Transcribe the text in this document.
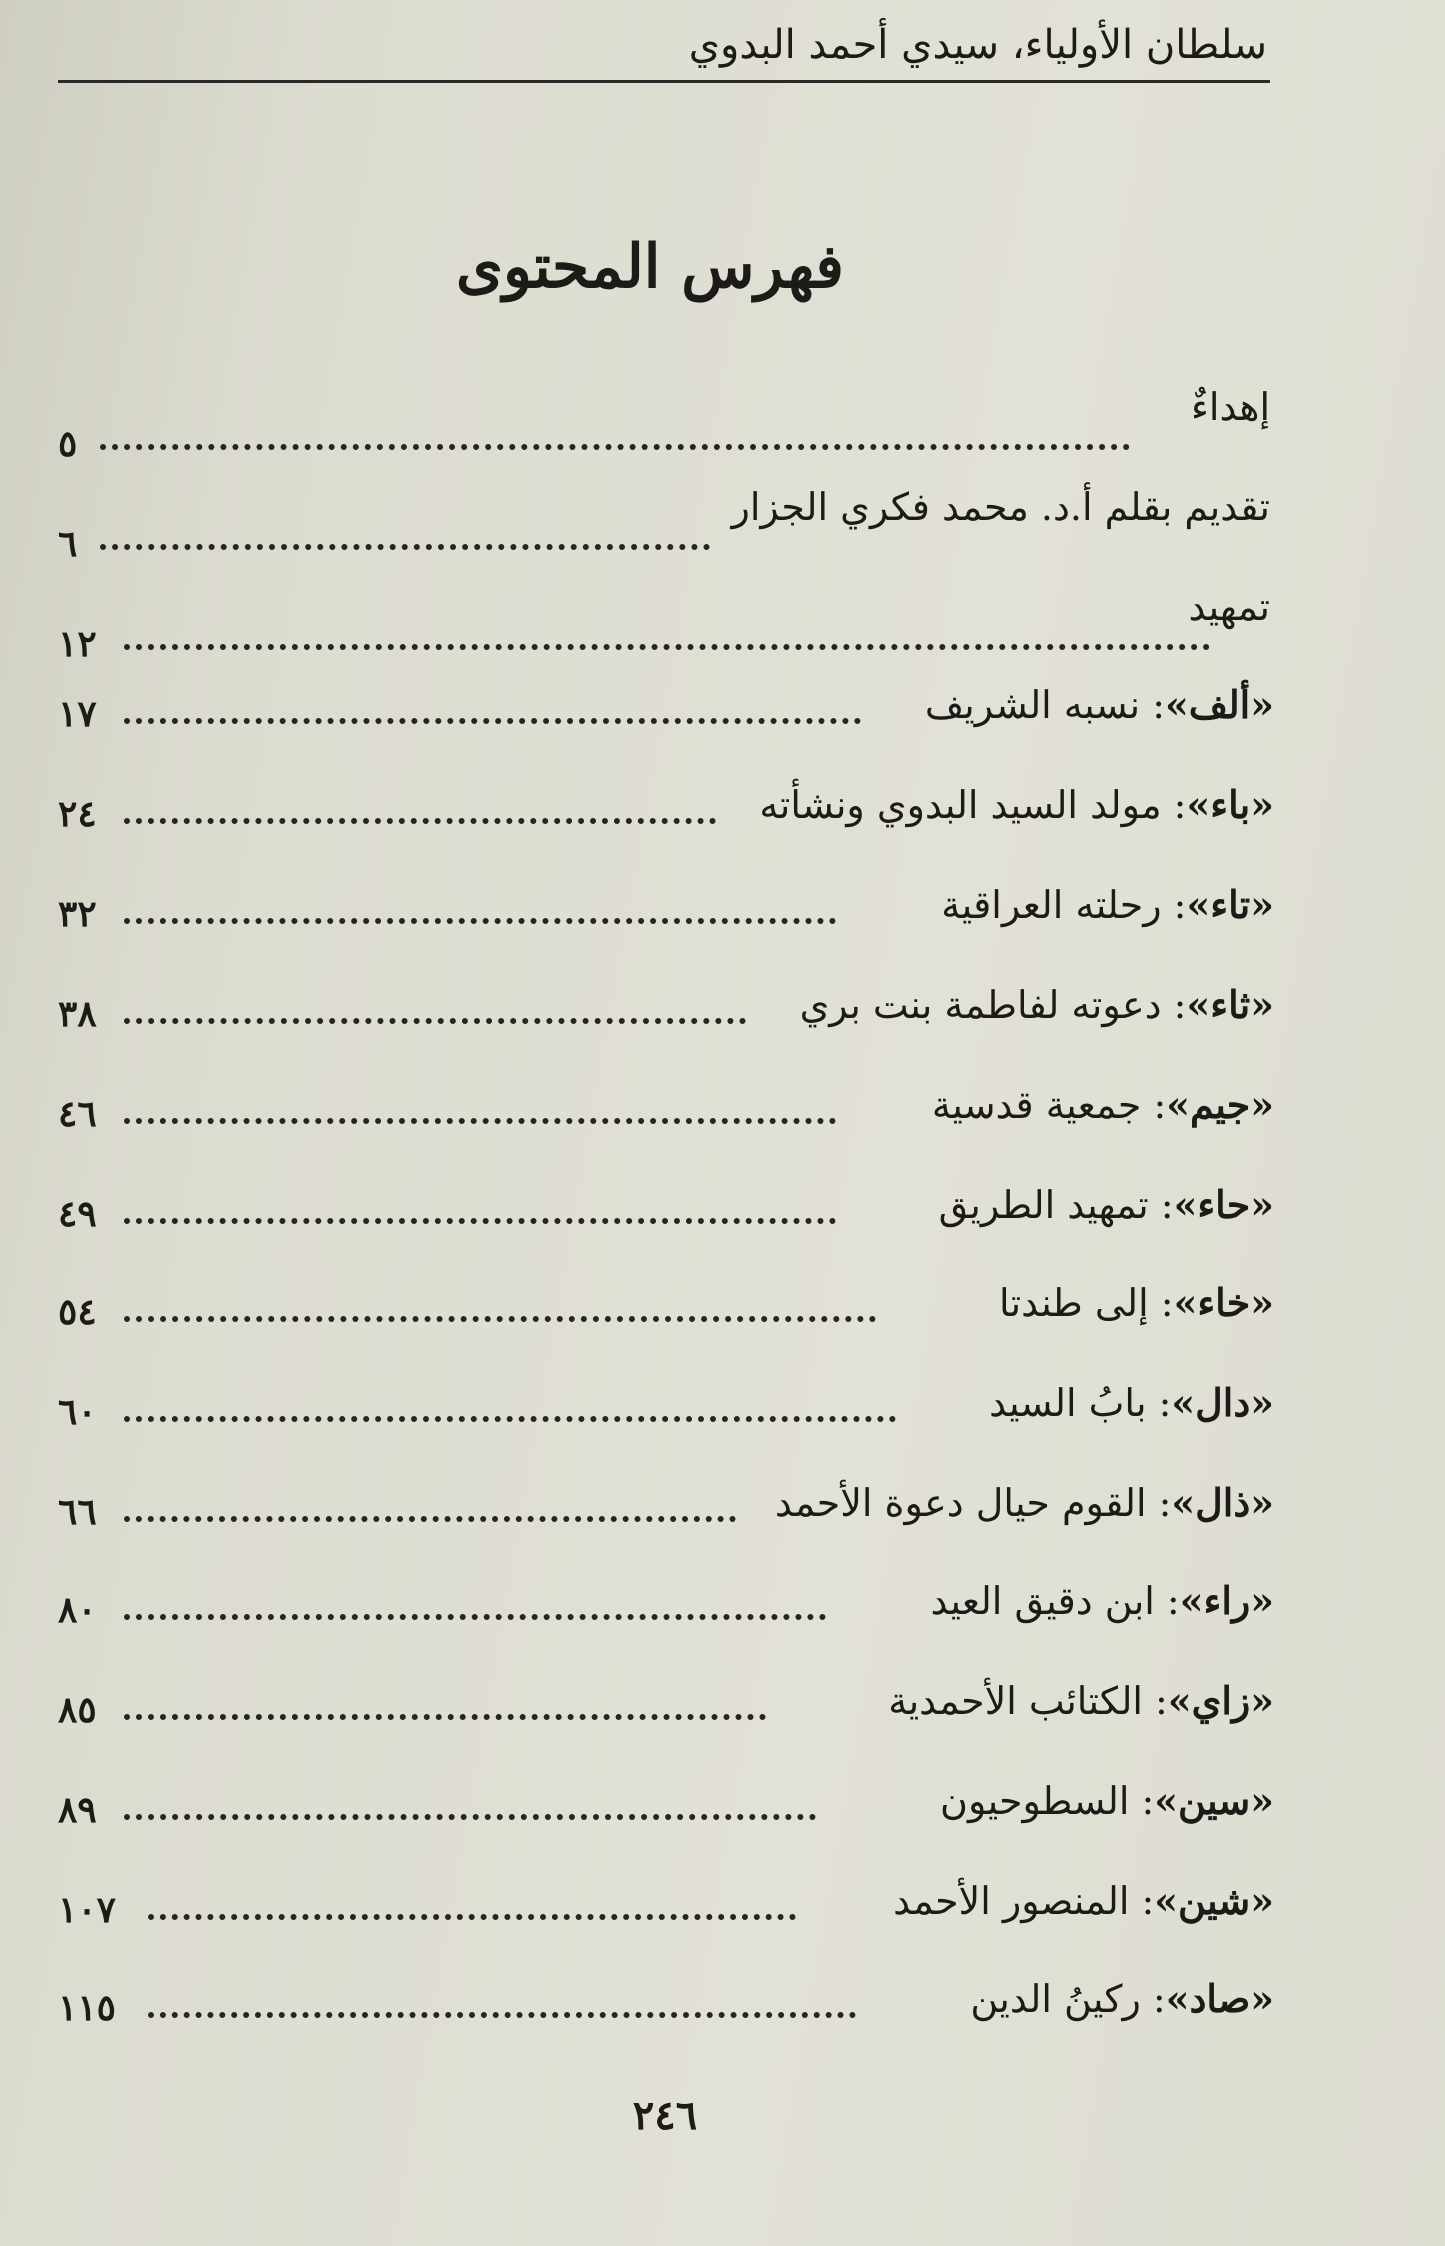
سلطان الأولياء، سيدي أحمد البدوي
فهرس المحتوى
إهداءٌ
٥
تقديم بقلم أ.د. محمد فكري الجزار
٦
تمهيد
١٢
«ألف»: نسبه الشريف
١٧
«باء»: مولد السيد البدوي ونشأته
٢٤
«تاء»: رحلته العراقية
٣٢
«ثاء»: دعوته لفاطمة بنت بري
٣٨
«جيم»: جمعية قدسية
٤٦
«حاء»: تمهيد الطريق
٤٩
«خاء»: إلى طندتا
٥٤
«دال»: بابُ السيد
٦٠
«ذال»: القوم حيال دعوة الأحمد
٦٦
«راء»: ابن دقيق العيد
٨٠
«زاي»: الكتائب الأحمدية
٨٥
«سين»: السطوحيون
٨٩
«شين»: المنصور الأحمد
١٠٧
«صاد»: ركينُ الدين
١١٥
٢٤٦
